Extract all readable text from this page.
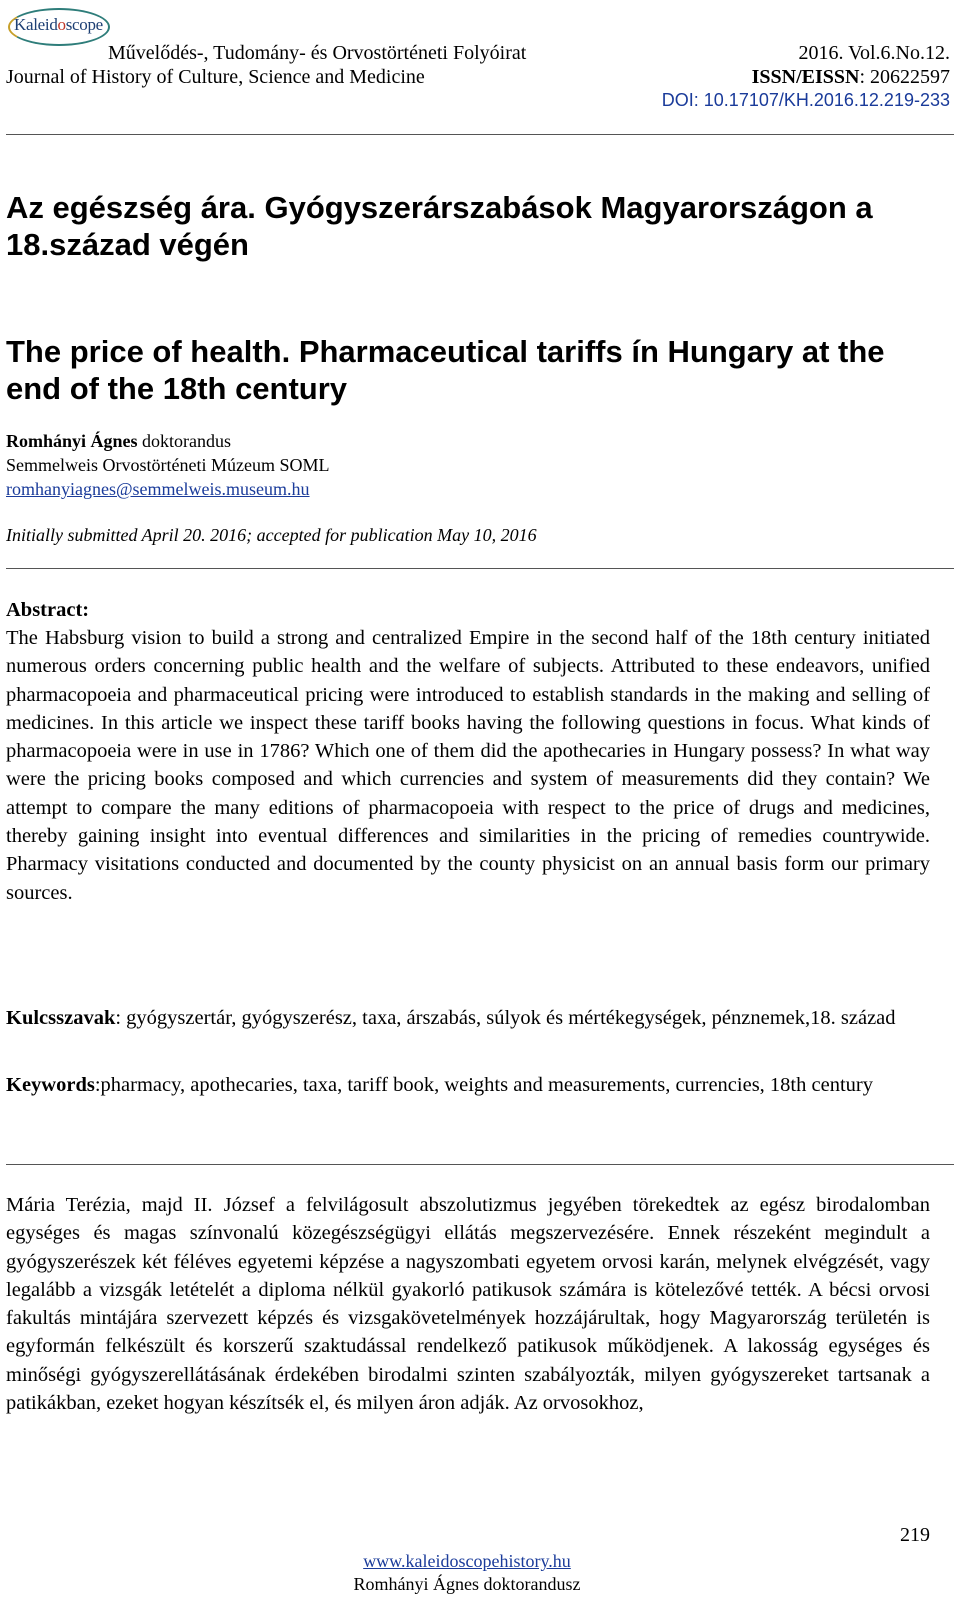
Kaleidoscope
Művelődés-, Tudomány- és Orvostörténeti Folyóirat	2016. Vol.6.No.12.
Journal of History of Culture, Science and Medicine	ISSN/EISSN: 20622597
DOI: 10.17107/KH.2016.12.219-233
Az egészség ára. Gyógyszerárszabások Magyarországon a 18.század végén
The price of health. Pharmaceutical tariffs ín Hungary at the end of the 18th century
Romhányi Ágnes doktorandus
Semmelweis Orvostörténeti Múzeum SOML
romhanyiagnes@semmelweis.museum.hu
Initially submitted April 20. 2016; accepted for publication May 10, 2016
Abstract:
The Habsburg vision to build a strong and centralized Empire in the second half of the 18th century initiated numerous orders concerning public health and the welfare of subjects. Attributed to these endeavors, unified pharmacopoeia and pharmaceutical pricing were introduced to establish standards in the making and selling of medicines. In this article we inspect these tariff books having the following questions in focus. What kinds of pharmacopoeia were in use in 1786? Which one of them did the apothecaries in Hungary possess? In what way were the pricing books composed and which currencies and system of measurements did they contain? We attempt to compare the many editions of pharmacopoeia with respect to the price of drugs and medicines, thereby gaining insight into eventual differences and similarities in the pricing of remedies countrywide. Pharmacy visitations conducted and documented by the county physicist on an annual basis form our primary sources.
Kulcsszavak: gyógyszertár, gyógyszerész, taxa, árszabás, súlyok és mértékegységek, pénznemek,18. század
Keywords:pharmacy, apothecaries, taxa, tariff book, weights and measurements, currencies, 18th century
Mária Terézia, majd II. József a felvilágosult abszolutizmus jegyében törekedtek az egész birodalomban egységes és magas színvonalú közegészségügyi ellátás megszervezésére. Ennek részeként megindult a gyógyszerészek két féléves egyetemi képzése a nagyszombati egyetem orvosi karán, melynek elvégzését, vagy legalább a vizsgák letételét a diploma nélkül gyakorló patikusok számára is kötelezővé tették. A bécsi orvosi fakultás mintájára szervezett képzés és vizsgakövetelmények hozzájárultak, hogy Magyarország területén is egyformán felkészült és korszerű szaktudással rendelkező patikusok működjenek. A lakosság egységes és minőségi gyógyszerellátásának érdekében birodalmi szinten szabályozták, milyen gyógyszereket tartsanak a patikákban, ezeket hogyan készítsék el, és milyen áron adják. Az orvosokhoz,
219
www.kaleidoscopehistory.hu
Romhányi Ágnes doktorandusz
